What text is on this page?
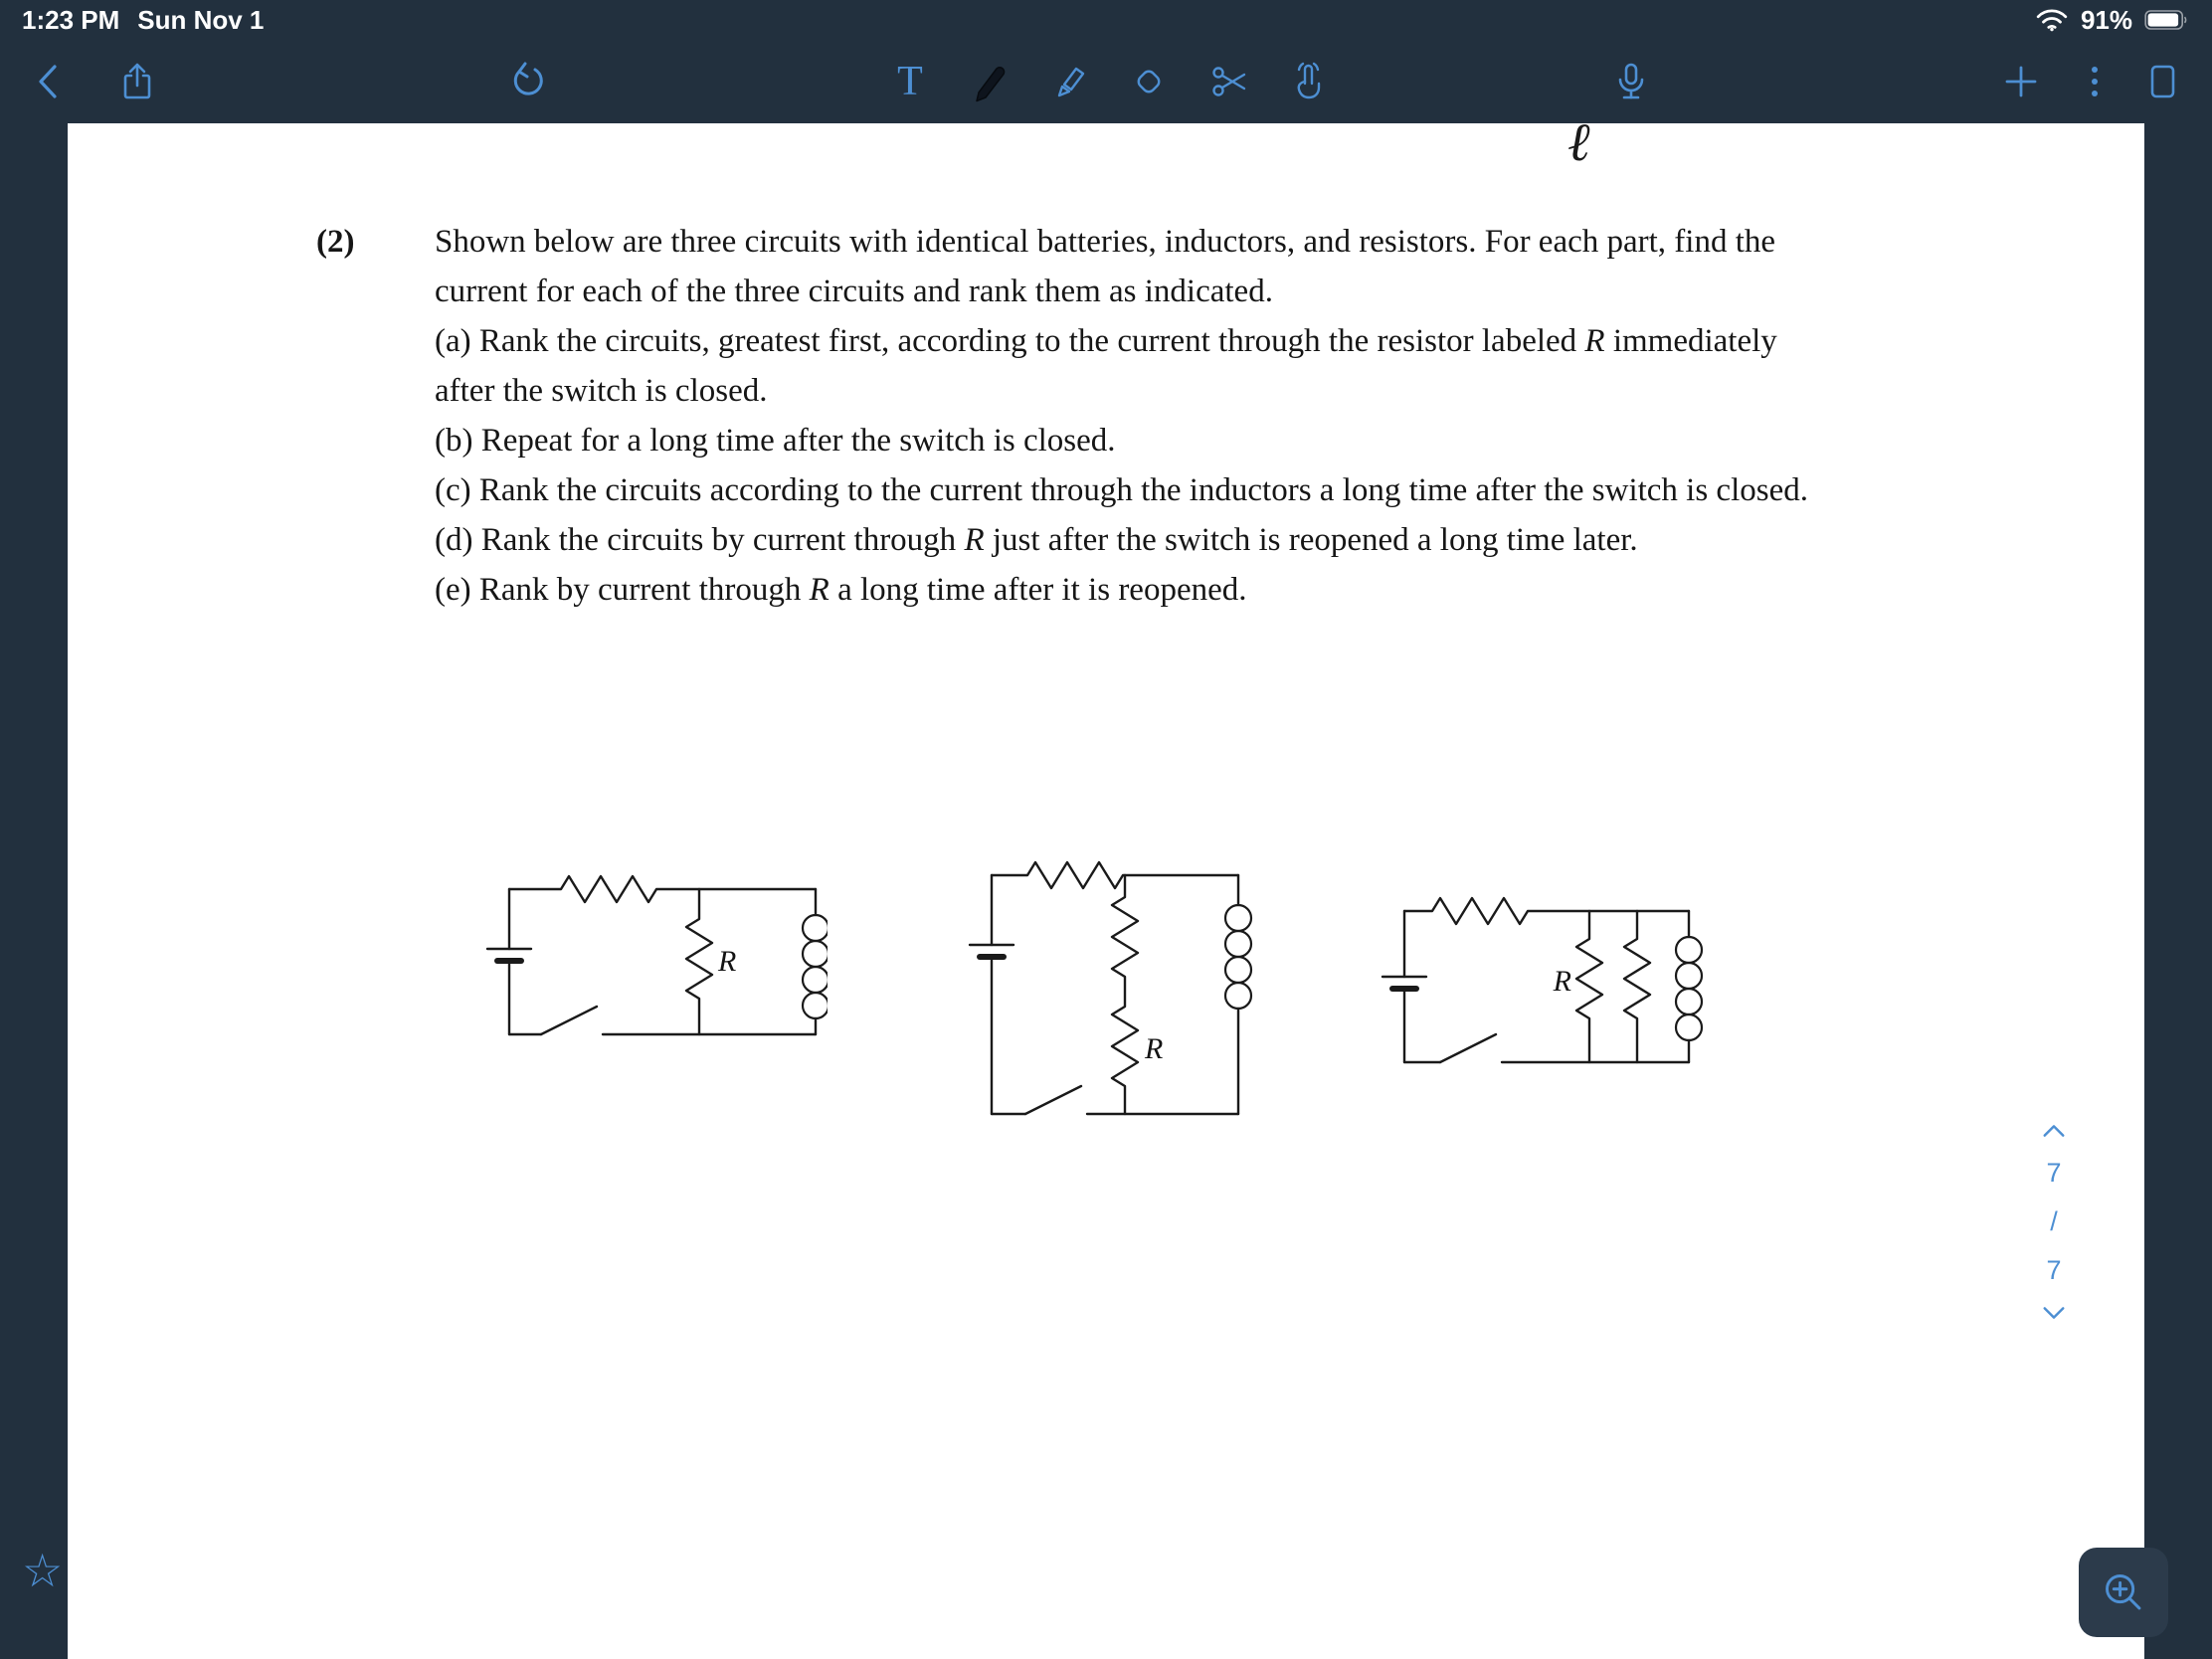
1:23 PM Sun Nov 1	91%
T
ℓ
(2)	Shown below are three circuits with identical batteries, inductors, and resistors. For each part, find the current for each of the three circuits and rank them as indicated.

(a) Rank the circuits, greatest first, according to the current through the resistor labeled R immediately after the switch is closed.

(b) Repeat for a long time after the switch is closed.

(c) Rank the circuits according to the current through the inductors a long time after the switch is closed.

(d) Rank the circuits by current through R just after the switch is reopened a long time later.

(e) Rank by current through R a long time after it is reopened.

R
R
R
7
/
7
☆
